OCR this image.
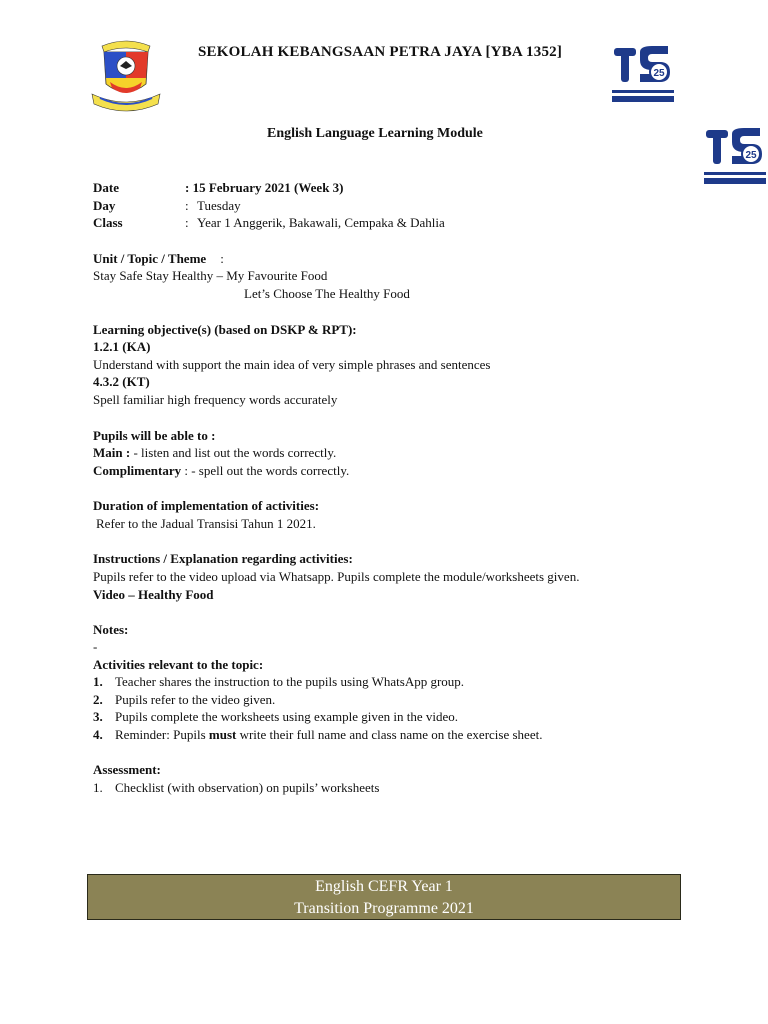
25
25
SEKOLAH KEBANGSAAN PETRA JAYA [YBA 1352]
English Language Learning Module
Date	: 15 February 2021 (Week 3)
Day	: Tuesday
Class	: Year 1 Anggerik, Bakawali, Cempaka & Dahlia
Unit / Topic / Theme :
Stay Safe Stay Healthy – My Favourite Food
Let’s Choose The Healthy Food
Learning objective(s) (based on DSKP & RPT):
1.2.1 (KA)
Understand with support the main idea of very simple phrases and sentences
4.3.2 (KT)
Spell familiar high frequency words accurately
Pupils will be able to :
Main : - listen and list out the words correctly.
Complimentary : - spell out the words correctly.
Duration of implementation of activities:
Refer to the Jadual Transisi Tahun 1 2021.
Instructions / Explanation regarding activities:
Pupils refer to the video upload via Whatsapp. Pupils complete the module/worksheets given.
Video – Healthy Food
Notes:
-
Activities relevant to the topic:
1. Teacher shares the instruction to the pupils using WhatsApp group.
2. Pupils refer to the video given.
3. Pupils complete the worksheets using example given in the video.
4. Reminder: Pupils must write their full name and class name on the exercise sheet.
Assessment:
1. Checklist (with observation) on pupils’ worksheets
English CEFR Year 1
Transition Programme 2021
